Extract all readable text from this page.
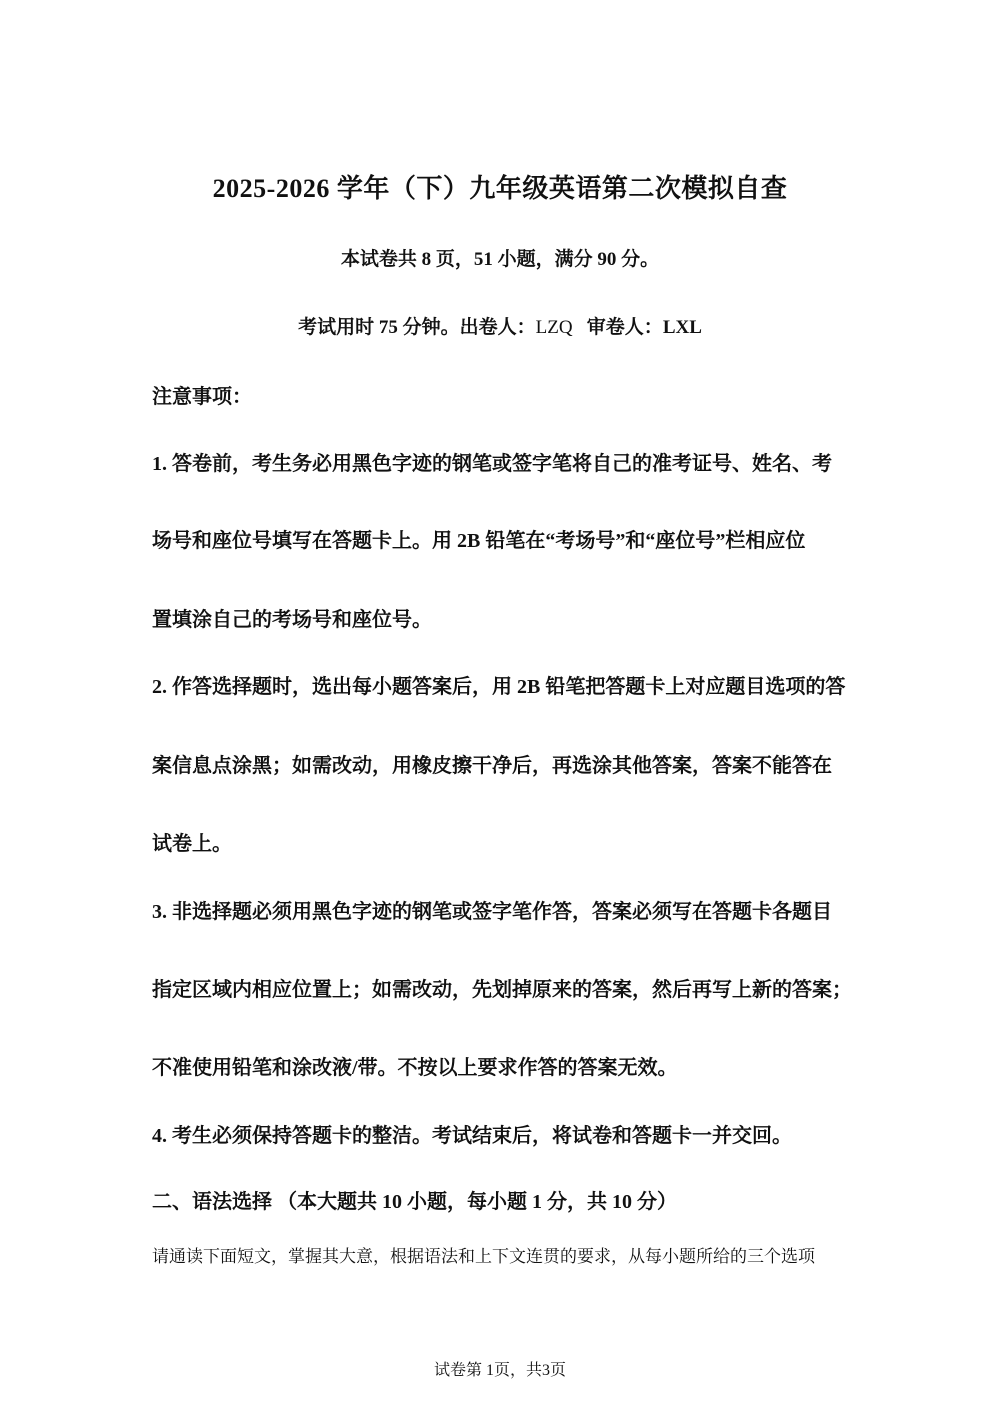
2025-2026 学年（下）九年级英语第二次模拟自查
本试卷共 8 页，51 小题，满分 90 分。
考试用时 75 分钟。出卷人：LZQ 审卷人：LXL
注意事项：
1. 答卷前，考生务必用黑色字迹的钢笔或签字笔将自己的准考证号、姓名、考
场号和座位号填写在答题卡上。用 2B 铅笔在“考场号”和“座位号”栏相应位
置填涂自己的考场号和座位号。
2. 作答选择题时，选出每小题答案后，用 2B 铅笔把答题卡上对应题目选项的答
案信息点涂黑；如需改动，用橡皮擦干净后，再选涂其他答案，答案不能答在
试卷上。
3. 非选择题必须用黑色字迹的钢笔或签字笔作答，答案必须写在答题卡各题目
指定区域内相应位置上；如需改动，先划掉原来的答案，然后再写上新的答案；
不准使用铅笔和涂改液/带。不按以上要求作答的答案无效。
4. 考生必须保持答题卡的整洁。考试结束后，将试卷和答题卡一并交回。
二、语法选择 （本大题共 10 小题，每小题 1 分，共 10 分）
请通读下面短文，掌握其大意，根据语法和上下文连贯的要求，从每小题所给的三个选项
试卷第 1页，共3页
